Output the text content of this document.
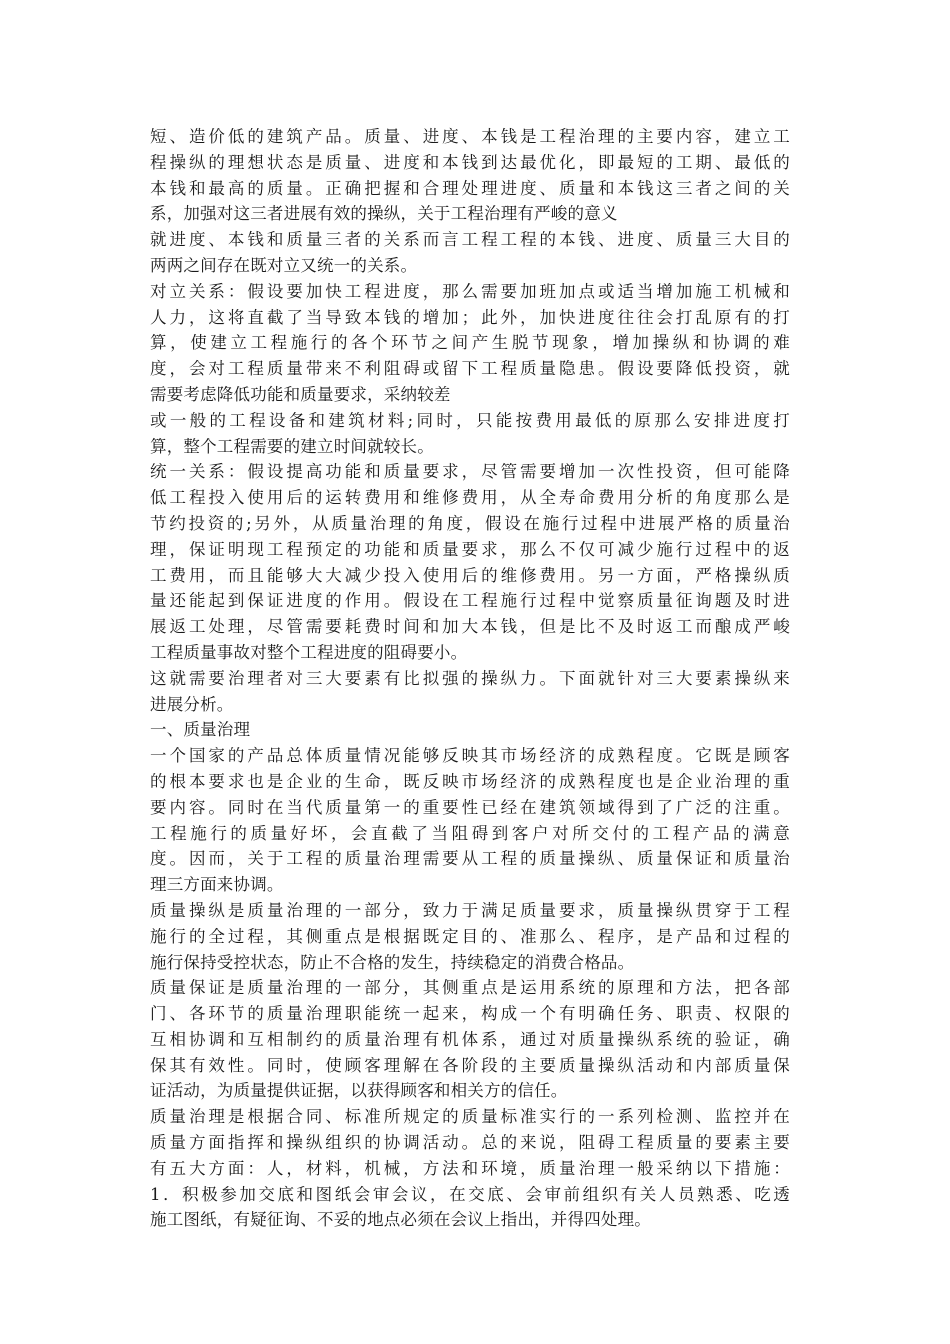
短、造价低的建筑产品。质量、进度、本钱是工程治理的主要内容，建立工
程操纵的理想状态是质量、进度和本钱到达最优化，即最短的工期、最低的
本钱和最高的质量。正确把握和合理处理进度、质量和本钱这三者之间的关
系，加强对这三者进展有效的操纵，关于工程治理有严峻的意义
就进度、本钱和质量三者的关系而言工程工程的本钱、进度、质量三大目的
两两之间存在既对立又统一的关系。
对立关系：假设要加快工程进度，那么需要加班加点或适当增加施工机械和
人力，这将直截了当导致本钱的增加；此外，加快进度往往会打乱原有的打
算，使建立工程施行的各个环节之间产生脱节现象，增加操纵和协调的难
度，会对工程质量带来不利阻碍或留下工程质量隐患。假设要降低投资，就
需要考虑降低功能和质量要求，采纳较差
或一般的工程设备和建筑材料;同时，只能按费用最低的原那么安排进度打
算，整个工程需要的建立时间就较长。
统一关系：假设提高功能和质量要求，尽管需要增加一次性投资，但可能降
低工程投入使用后的运转费用和维修费用，从全寿命费用分析的角度那么是
节约投资的;另外，从质量治理的角度，假设在施行过程中进展严格的质量治
理，保证明现工程预定的功能和质量要求，那么不仅可减少施行过程中的返
工费用，而且能够大大减少投入使用后的维修费用。另一方面，严格操纵质
量还能起到保证进度的作用。假设在工程施行过程中觉察质量征询题及时进
展返工处理，尽管需要耗费时间和加大本钱，但是比不及时返工而酿成严峻
工程质量事故对整个工程进度的阻碍要小。
这就需要治理者对三大要素有比拟强的操纵力。下面就针对三大要素操纵来
进展分析。
一、质量治理
一个国家的产品总体质量情况能够反映其市场经济的成熟程度。它既是顾客
的根本要求也是企业的生命，既反映市场经济的成熟程度也是企业治理的重
要内容。同时在当代质量第一的重要性已经在建筑领域得到了广泛的注重。
工程施行的质量好坏，会直截了当阻碍到客户对所交付的工程产品的满意
度。因而，关于工程的质量治理需要从工程的质量操纵、质量保证和质量治
理三方面来协调。
质量操纵是质量治理的一部分，致力于满足质量要求，质量操纵贯穿于工程
施行的全过程，其侧重点是根据既定目的、准那么、程序，是产品和过程的
施行保持受控状态，防止不合格的发生，持续稳定的消费合格品。
质量保证是质量治理的一部分，其侧重点是运用系统的原理和方法，把各部
门、各环节的质量治理职能统一起来，构成一个有明确任务、职责、权限的
互相协调和互相制约的质量治理有机体系，通过对质量操纵系统的验证，确
保其有效性。同时，使顾客理解在各阶段的主要质量操纵活动和内部质量保
证活动，为质量提供证据，以获得顾客和相关方的信任。
质量治理是根据合同、标准所规定的质量标准实行的一系列检测、监控并在
质量方面指挥和操纵组织的协调活动。总的来说，阻碍工程质量的要素主要
有五大方面：人，材料，机械，方法和环境，质量治理一般采纳以下措施：
1．积极参加交底和图纸会审会议，在交底、会审前组织有关人员熟悉、吃透
施工图纸，有疑征询、不妥的地点必须在会议上指出，并得四处理。
